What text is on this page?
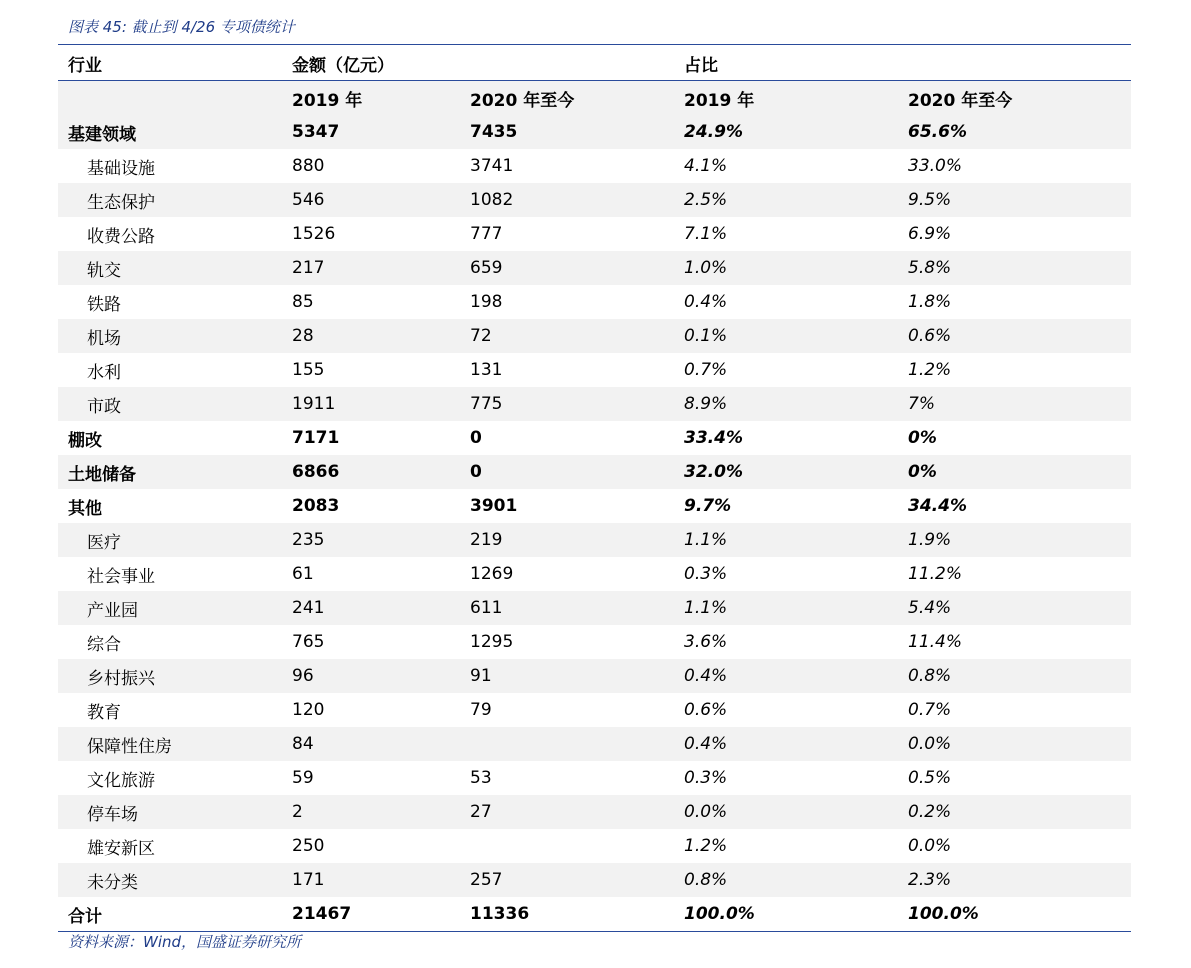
图表 45: 截止到 4/26 专项债统计
行业	金额（亿元）		占比	
	2019 年	2020 年至今	2019 年	2020 年至今
基建领域	5347	7435	24.9%	65.6%
基础设施	880	3741	4.1%	33.0%
生态保护	546	1082	2.5%	9.5%
收费公路	1526	777	7.1%	6.9%
轨交	217	659	1.0%	5.8%
铁路	85	198	0.4%	1.8%
机场	28	72	0.1%	0.6%
水利	155	131	0.7%	1.2%
市政	1911	775	8.9%	7%
棚改	7171	0	33.4%	0%
土地储备	6866	0	32.0%	0%
其他	2083	3901	9.7%	34.4%
医疗	235	219	1.1%	1.9%
社会事业	61	1269	0.3%	11.2%
产业园	241	611	1.1%	5.4%
综合	765	1295	3.6%	11.4%
乡村振兴	96	91	0.4%	0.8%
教育	120	79	0.6%	0.7%
保障性住房	84		0.4%	0.0%
文化旅游	59	53	0.3%	0.5%
停车场	2	27	0.0%	0.2%
雄安新区	250		1.2%	0.0%
未分类	171	257	0.8%	2.3%
合计	21467	11336	100.0%	100.0%
资料来源：Wind，国盛证券研究所
